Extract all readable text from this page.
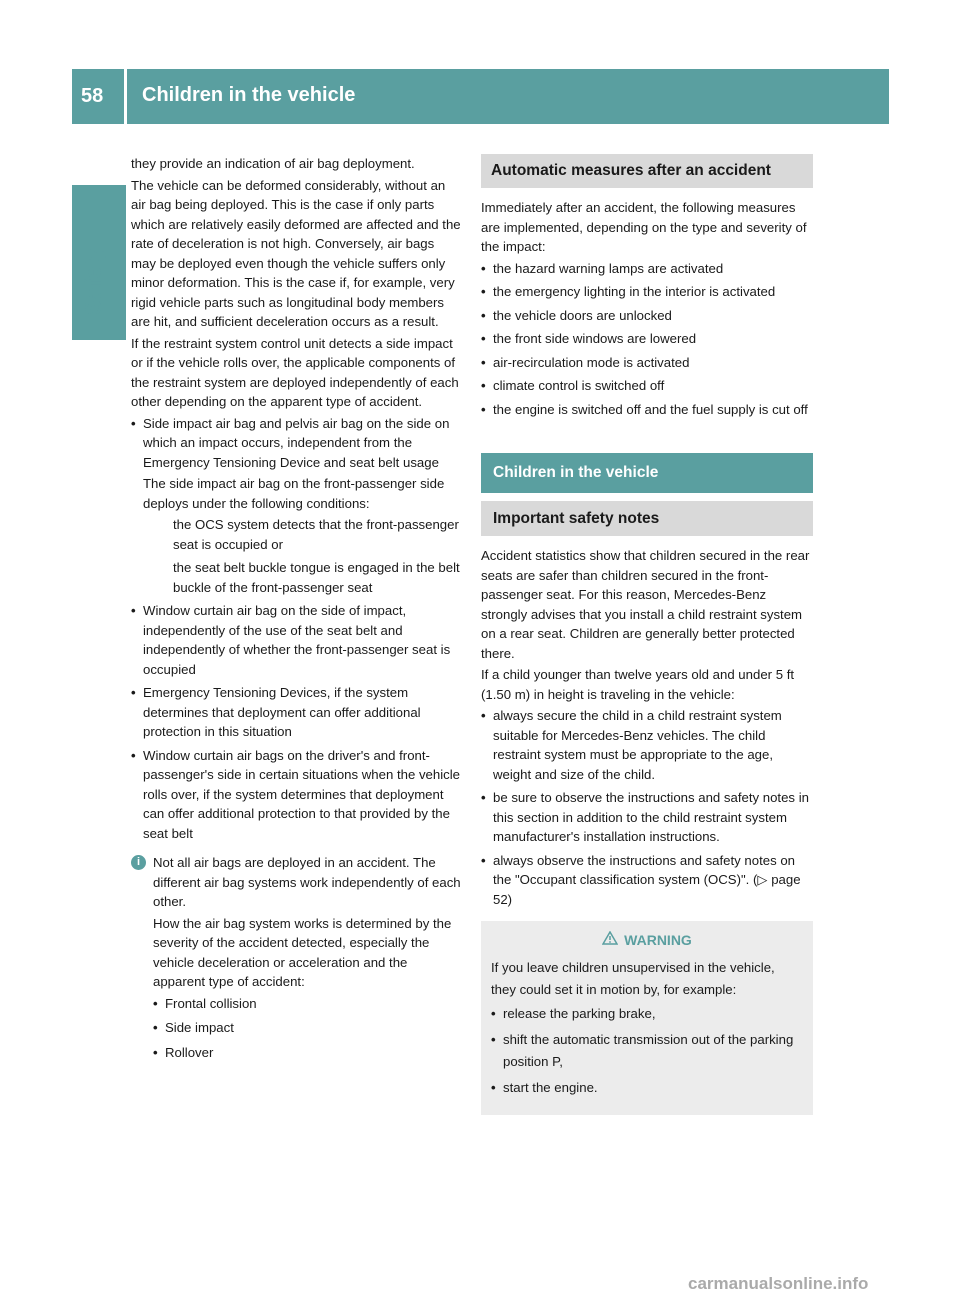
58 Children in the vehicle
Safety

they provide an indication of air bag deployment.

The vehicle can be deformed considerably, without an air bag being deployed. This is the case if only parts which are relatively easily deformed are affected and the rate of deceleration is not high. Conversely, air bags may be deployed even though the vehicle suffers only minor deformation. This is the case if, for example, very rigid vehicle parts such as longitudinal body members are hit, and sufficient deceleration occurs as a result.

If the restraint system control unit detects a side impact or if the vehicle rolls over, the applicable components of the restraint system are deployed independently of each other depending on the apparent type of accident.

• Side impact air bag and pelvis air bag on the side on which an impact occurs, independent from the Emergency Tensioning Device and seat belt usage

The side impact air bag on the front-passenger side deploys under the following conditions:

the OCS system detects that the front-passenger seat is occupied or
the seat belt buckle tongue is engaged in the belt buckle of the front-passenger seat
• Window curtain air bag on the side of impact, independently of the use of the seat belt and independently of whether the front-passenger seat is occupied
• Emergency Tensioning Devices, if the system determines that deployment can offer additional protection in this situation
• Window curtain air bags on the driver's and front-passenger's side in certain situations when the vehicle rolls over, if the system determines that deployment can offer additional protection to that provided by the seat belt
i Not all air bags are deployed in an accident. The different air bag systems work independently of each other.

How the air bag system works is determined by the severity of the accident detected, especially the vehicle deceleration or acceleration and the apparent type of accident:

• Frontal collision
• Side impact
• Rollover
Automatic measures after an accident

Immediately after an accident, the following measures are implemented, depending on the type and severity of the impact:

• the hazard warning lamps are activated
• the emergency lighting in the interior is activated
• the vehicle doors are unlocked
• the front side windows are lowered
• air-recirculation mode is activated
• climate control is switched off
• the engine is switched off and the fuel supply is cut off
Children in the vehicle
Important safety notes

Accident statistics show that children secured in the rear seats are safer than children secured in the front-passenger seat. For this reason, Mercedes-Benz strongly advises that you install a child restraint system on a rear seat. Children are generally better protected there.

If a child younger than twelve years old and under 5 ft (1.50 m) in height is traveling in the vehicle:

• always secure the child in a child restraint system suitable for Mercedes-Benz vehicles. The child restraint system must be appropriate to the age, weight and size of the child.
• be sure to observe the instructions and safety notes in this section in addition to the child restraint system manufacturer's installation instructions.
• always observe the instructions and safety notes on the "Occupant classification system (OCS)". (▷ page 52)
WARNING

If you leave children unsupervised in the vehicle, they could set it in motion by, for example:

• release the parking brake,
• shift the automatic transmission out of the parking position P,
• start the engine.
carmanualsonline.info
